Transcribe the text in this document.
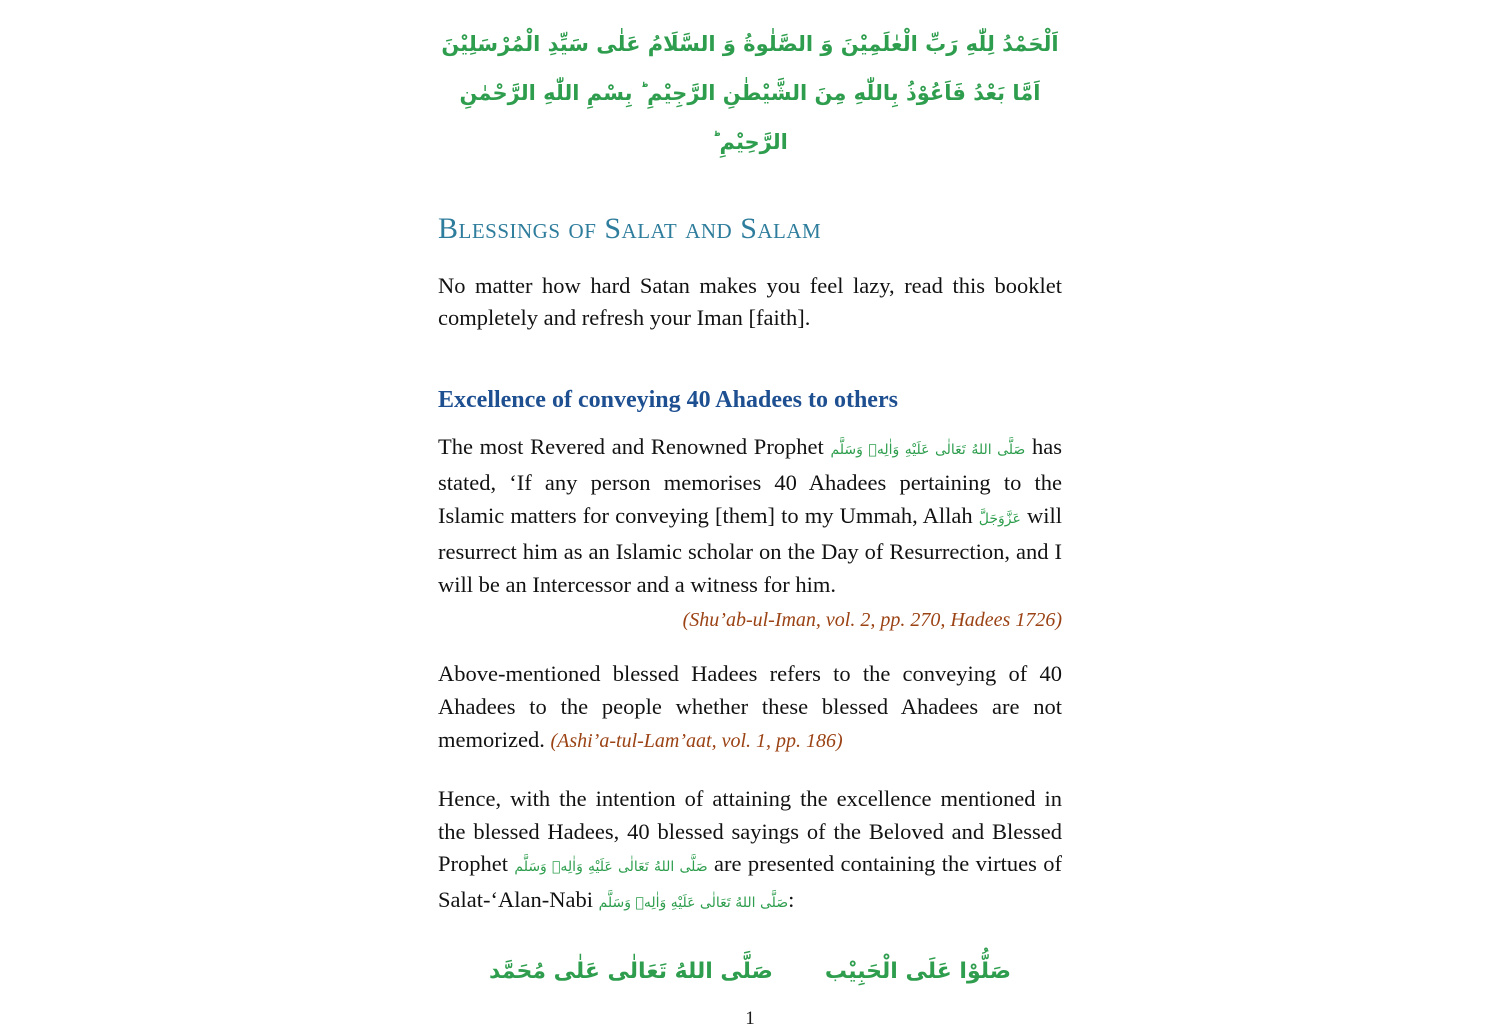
اَلْحَمْدُ لِلّٰهِ رَبِّ الْعٰلَمِيْنَ وَ الصَّلٰوةُ وَ السَّلَامُ عَلٰى سَيِّدِ الْمُرْسَلِيْنَ
اَمَّا بَعْدُ فَاَعُوْذُ بِاللّٰهِ مِنَ الشَّيْطٰنِ الرَّجِيْمِ ؕ بِسْمِ اللّٰهِ الرَّحْمٰنِ الرَّحِيْمِ ؕ
Blessings of Salat and Salam

No matter how hard Satan makes you feel lazy, read this booklet completely and refresh your Iman [faith].

Excellence of conveying 40 Ahadees to others

The most Revered and Renowned Prophet صَلَّى اللهُ تَعَالٰى عَلَيْهِ وَاٰلِهٖ وَسَلَّم has stated, ‘If any person memorises 40 Ahadees pertaining to the Islamic matters for conveying [them] to my Ummah, Allah عَزَّوَجَلَّ will resurrect him as an Islamic scholar on the Day of Resurrection, and I will be an Intercessor and a witness for him.

(Shu’ab-ul-Iman, vol. 2, pp. 270, Hadees 1726)

Above-mentioned blessed Hadees refers to the conveying of 40 Ahadees to the people whether these blessed Ahadees are not memorized. (Ashi’a-tul-Lam’aat, vol. 1, pp. 186)

Hence, with the intention of attaining the excellence mentioned in the blessed Hadees, 40 blessed sayings of the Beloved and Blessed Prophet صَلَّى اللهُ تَعَالٰى عَلَيْهِ وَاٰلِهٖ وَسَلَّم are presented containing the virtues of Salat-‘Alan-Nabi صَلَّى اللهُ تَعَالٰى عَلَيْهِ وَاٰلِهٖ وَسَلَّم:

صَلُّوْا عَلَى الْحَبِيْب
صَلَّى اللهُ تَعَالٰى عَلٰى مُحَمَّد
1
